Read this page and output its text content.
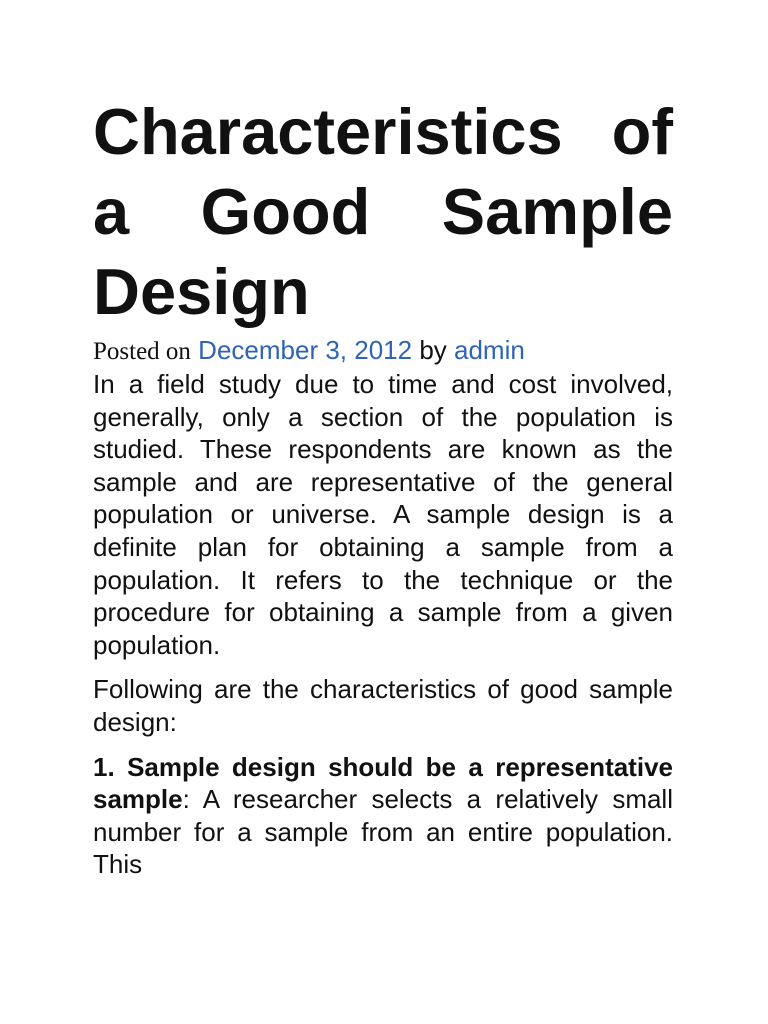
Characteristics of a Good Sample Design

Posted on December 3, 2012 by admin

In a field study due to time and cost involved, generally, only a section of the population is studied. These respondents are known as the sample and are representative of the general population or universe. A sample design is a definite plan for obtaining a sample from a population. It refers to the technique or the procedure for obtaining a sample from a given population.

Following are the characteristics of good sample design:

1. Sample design should be a representative sample: A researcher selects a relatively small number for a sample from an entire population. This
